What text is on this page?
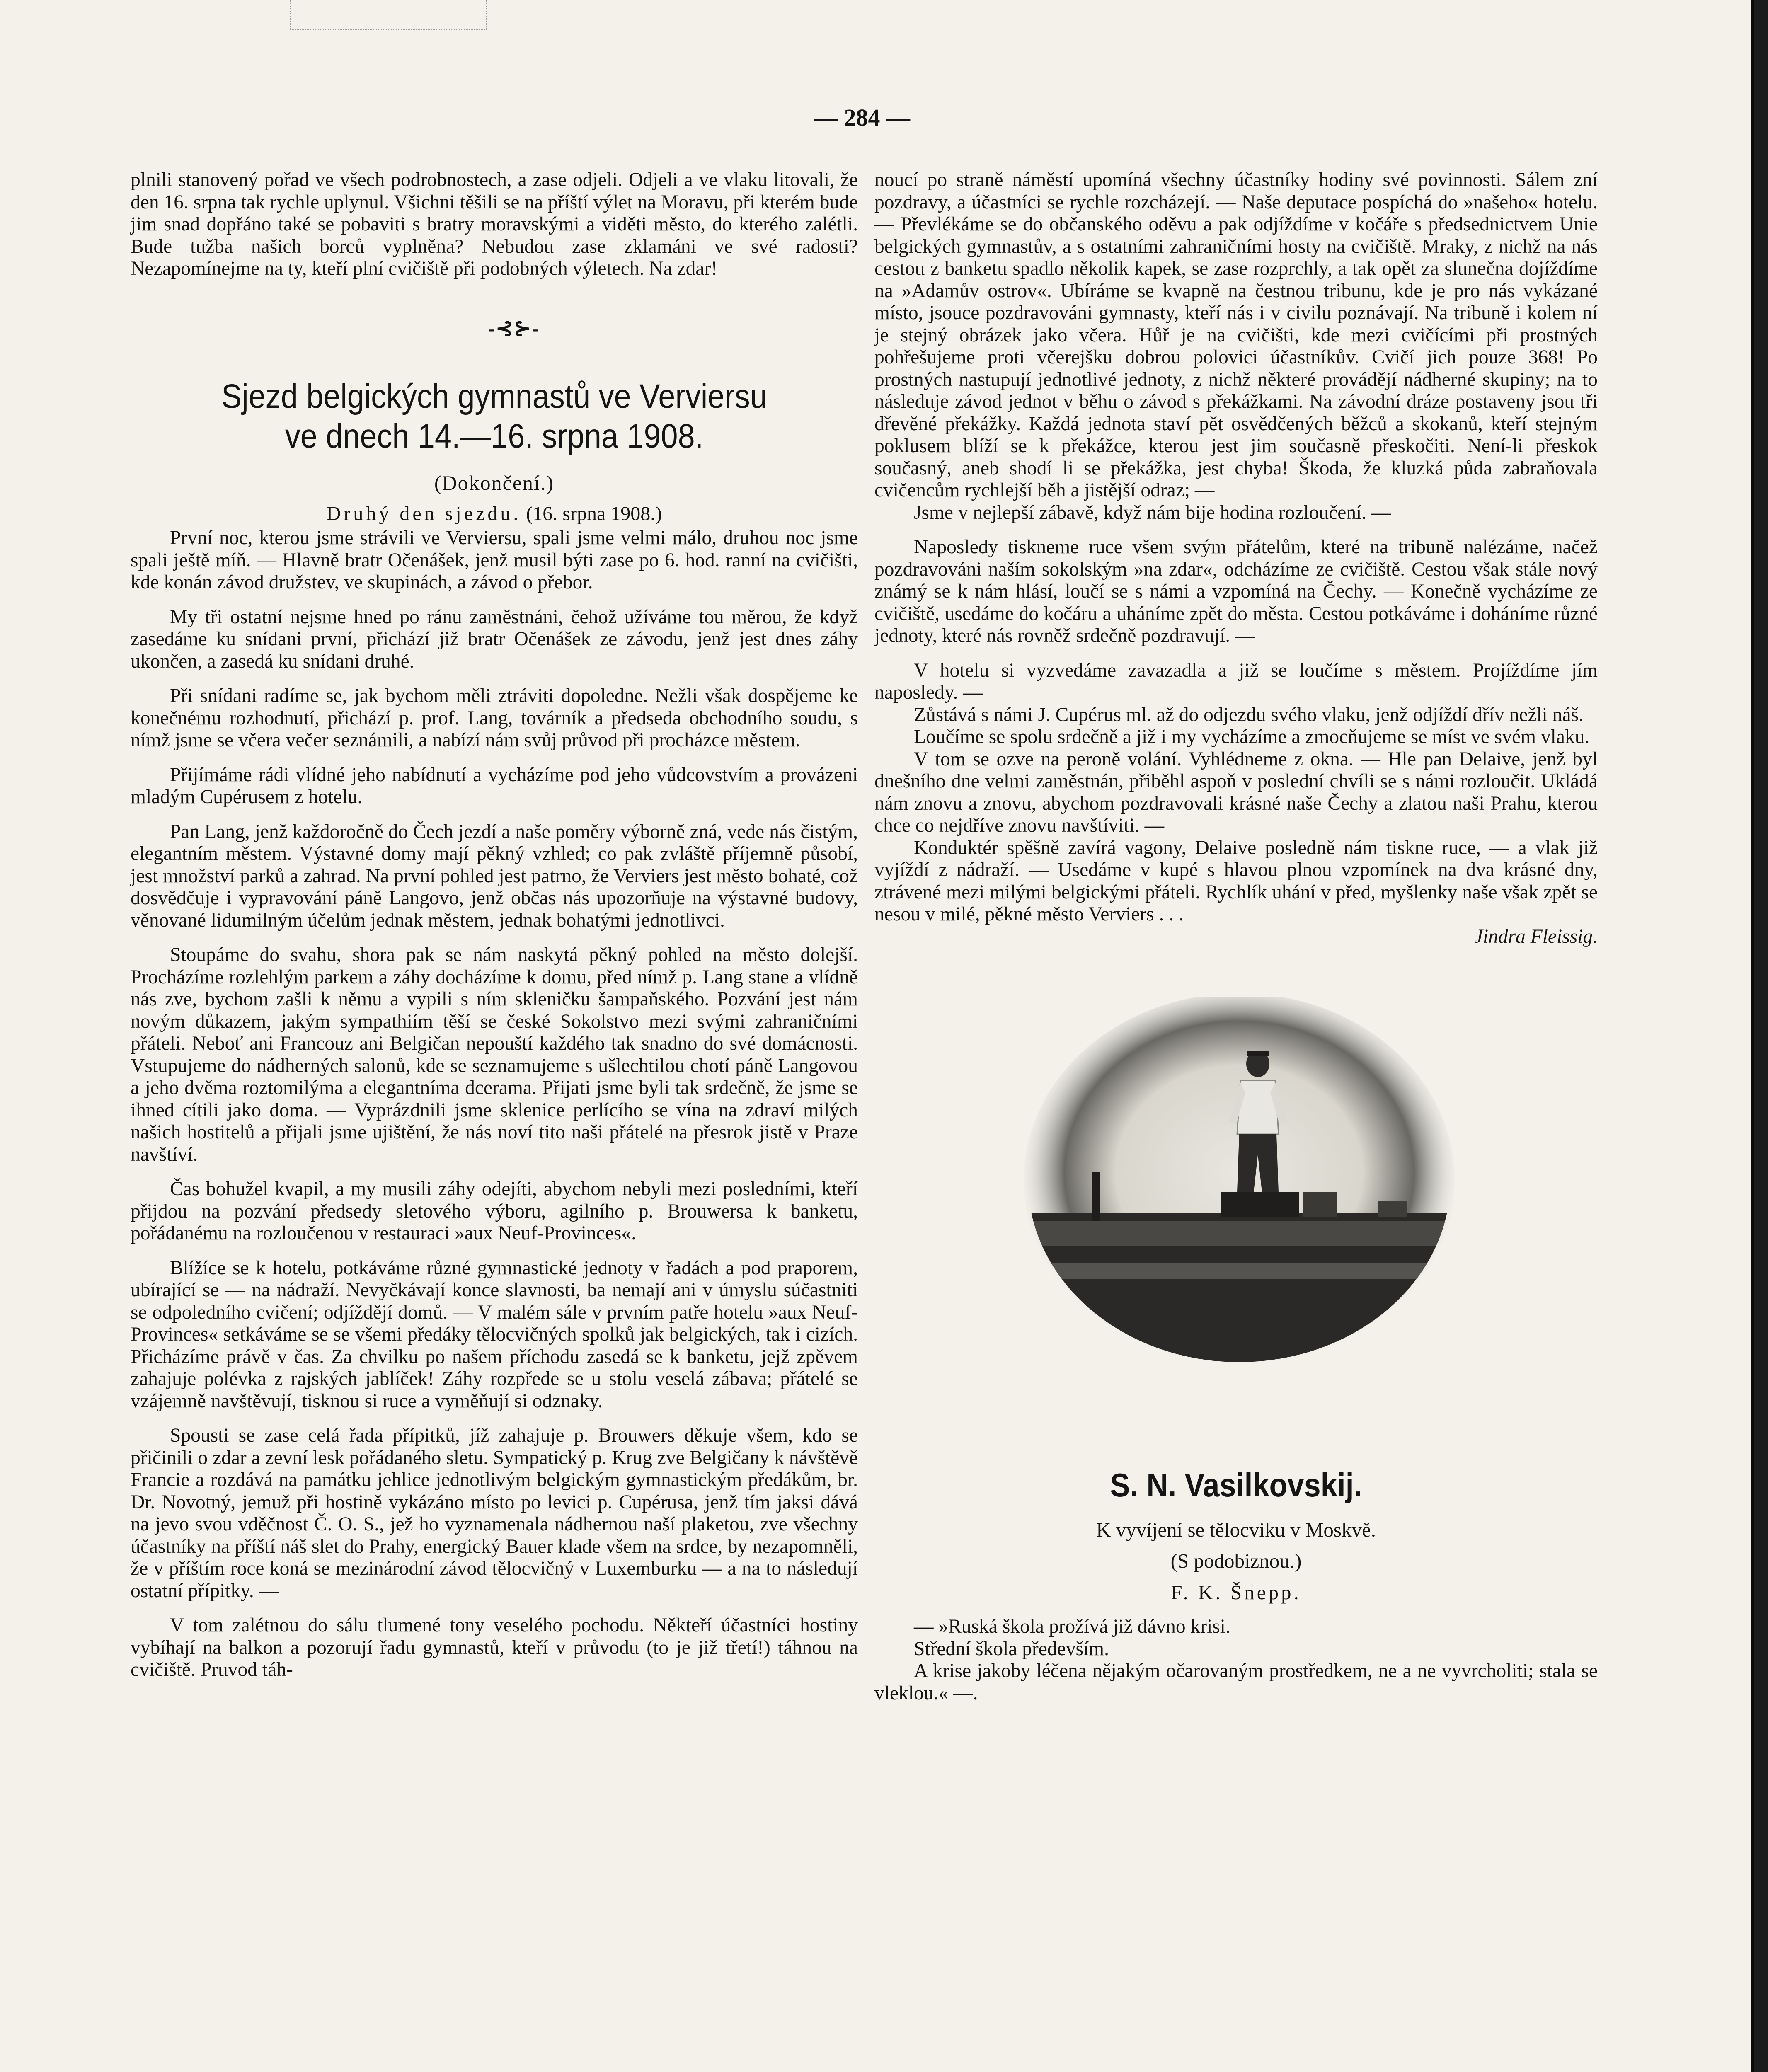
— 284 —

plnili stanovený pořad ve všech podrobnostech, a zase odjeli. Odjeli a ve vlaku litovali, že den 16. srpna tak rychle uplynul. Všichni těšili se na příští výlet na Moravu, při kterém bude jim snad dopřáno také se pobaviti s bratry moravskými a viděti město, do kterého zalétli. Bude tužba našich borců vyplněna? Nebudou zase zklamáni ve své radosti? Nezapomínejme na ty, kteří plní cvičiště při podobných výletech. Na zdar!

-⊰⊱-

Sjezd belgických gymnastů ve Verviersu
ve dnech 14.—16. srpna 1908.
(Dokončení.)
Druhý den sjezdu. (16. srpna 1908.)

První noc, kterou jsme strávili ve Verviersu, spali jsme velmi málo, druhou noc jsme spali ještě míň. — Hlavně bratr Očenášek, jenž musil býti zase po 6. hod. ranní na cvičišti, kde konán závod družstev, ve skupinách, a závod o přebor.

My tři ostatní nejsme hned po ránu zaměstnáni, čehož užíváme tou měrou, že když zasedáme ku snídani první, přichází již bratr Očenášek ze závodu, jenž jest dnes záhy ukončen, a zasedá ku snídani druhé.

Při snídani radíme se, jak bychom měli ztráviti dopoledne. Nežli však dospějeme ke konečnému rozhodnutí, přichází p. prof. Lang, továrník a předseda obchodního soudu, s nímž jsme se včera večer seznámili, a nabízí nám svůj průvod při procházce městem.

Přijímáme rádi vlídné jeho nabídnutí a vycházíme pod jeho vůdcovstvím a provázeni mladým Cupérusem z hotelu.

Pan Lang, jenž každoročně do Čech jezdí a naše poměry výborně zná, vede nás čistým, elegantním městem. Výstavné domy mají pěkný vzhled; co pak zvláště příjemně působí, jest množství parků a zahrad. Na první pohled jest patrno, že Verviers jest město bohaté, což dosvědčuje i vypravování páně Langovo, jenž občas nás upozorňuje na výstavné budovy, věnované lidumilným účelům jednak městem, jednak bohatými jednotlivci.

Stoupáme do svahu, shora pak se nám naskytá pěkný pohled na město dolejší. Procházíme rozlehlým parkem a záhy docházíme k domu, před nímž p. Lang stane a vlídně nás zve, bychom zašli k němu a vypili s ním skleničku šampaňského. Pozvání jest nám novým důkazem, jakým sympathiím těší se české Sokolstvo mezi svými zahraničními přáteli. Neboť ani Francouz ani Belgičan nepouští každého tak snadno do své domácnosti. Vstupujeme do nádherných salonů, kde se seznamujeme s ušlechtilou chotí páně Langovou a jeho dvěma roztomilýma a elegantníma dcerama. Přijati jsme byli tak srdečně, že jsme se ihned cítili jako doma. — Vyprázdnili jsme sklenice perlícího se vína na zdraví milých našich hostitelů a přijali jsme ujištění, že nás noví tito naši přátelé na přesrok jistě v Praze navštíví.

Čas bohužel kvapil, a my musili záhy odejíti, abychom nebyli mezi posledními, kteří přijdou na pozvání předsedy sletového výboru, agilního p. Brouwersa k banketu, pořádanému na rozloučenou v restauraci »aux Neuf-Provinces«.

Blížíce se k hotelu, potkáváme různé gymnastické jednoty v řadách a pod praporem, ubírající se — na nádraží. Nevyčkávají konce slavnosti, ba nemají ani v úmyslu súčastniti se odpoledního cvičení; odjíždějí domů. — V malém sále v prvním patře hotelu »aux Neuf-Provinces« setkáváme se se všemi předáky tělocvičných spolků jak belgických, tak i cizích. Přicházíme právě v čas. Za chvilku po našem příchodu zasedá se k banketu, jejž zpěvem zahajuje polévka z rajských jablíček! Záhy rozpřede se u stolu veselá zábava; přátelé se vzájemně navštěvují, tisknou si ruce a vyměňují si odznaky.

Spousti se zase celá řada přípitků, jíž zahajuje p. Brouwers děkuje všem, kdo se přičinili o zdar a zevní lesk pořádaného sletu. Sympatický p. Krug zve Belgičany k návštěvě Francie a rozdává na památku jehlice jednotlivým belgickým gymnastickým předákům, br. Dr. Novotný, jemuž při hostině vykázáno místo po levici p. Cupérusa, jenž tím jaksi dává na jevo svou vděčnost Č. O. S., jež ho vyznamenala nádhernou naší plaketou, zve všechny účastníky na příští náš slet do Prahy, energický Bauer klade všem na srdce, by nezapomněli, že v příštím roce koná se mezinárodní závod tělocvičný v Luxemburku — a na to následují ostatní přípitky. —

V tom zalétnou do sálu tlumené tony veselého pochodu. Někteří účastníci hostiny vybíhají na balkon a pozorují řadu gymnastů, kteří v průvodu (to je již třetí!) táhnou na cvičiště. Pruvod táh-

noucí po straně náměstí upomíná všechny účastníky hodiny své povinnosti. Sálem zní pozdravy, a účastníci se rychle rozcházejí. — Naše deputace pospíchá do »našeho« hotelu. — Převlékáme se do občanského oděvu a pak odjíždíme v kočáře s předsednictvem Unie belgických gymnastův, a s ostatními zahraničními hosty na cvičiště. Mraky, z nichž na nás cestou z banketu spadlo několik kapek, se zase rozprchly, a tak opět za slunečna dojíždíme na »Adamův ostrov«. Ubíráme se kvapně na čestnou tribunu, kde je pro nás vykázané místo, jsouce pozdravováni gymnasty, kteří nás i v civilu poznávají. Na tribuně i kolem ní je stejný obrázek jako včera. Hůř je na cvičišti, kde mezi cvičícími při prostných pohřešujeme proti včerejšku dobrou polovici účastníkův. Cvičí jich pouze 368! Po prostných nastupují jednotlivé jednoty, z nichž některé provádějí nádherné skupiny; na to následuje závod jednot v běhu o závod s překážkami. Na závodní dráze postaveny jsou tři dřevěné překážky. Každá jednota staví pět osvědčených běžců a skokanů, kteří stejným poklusem blíží se k překážce, kterou jest jim současně přeskočiti. Není-li přeskok současný, aneb shodí li se překážka, jest chyba! Škoda, že kluzká půda zabraňovala cvičencům rychlejší běh a jistější odraz; —

Jsme v nejlepší zábavě, když nám bije hodina rozloučení. —

Naposledy tiskneme ruce všem svým přátelům, které na tribuně nalézáme, načež pozdravováni naším sokolským »na zdar«, odcházíme ze cvičiště. Cestou však stále nový známý se k nám hlásí, loučí se s námi a vzpomíná na Čechy. — Konečně vycházíme ze cvičiště, usedáme do kočáru a uháníme zpět do města. Cestou potkáváme i doháníme různé jednoty, které nás rovněž srdečně pozdravují. —

V hotelu si vyzvedáme zavazadla a již se loučíme s městem. Projíždíme jím naposledy. —

Zůstává s námi J. Cupérus ml. až do odjezdu svého vlaku, jenž odjíždí dřív nežli náš.

Loučíme se spolu srdečně a již i my vycházíme a zmocňujeme se míst ve svém vlaku.

V tom se ozve na peroně volání. Vyhlédneme z okna. — Hle pan Delaive, jenž byl dnešního dne velmi zaměstnán, přiběhl aspoň v poslední chvíli se s námi rozloučit. Ukládá nám znovu a znovu, abychom pozdravovali krásné naše Čechy a zlatou naši Prahu, kterou chce co nejdříve znovu navštíviti. —

Konduktér spěšně zavírá vagony, Delaive posledně nám tiskne ruce, — a vlak již vyjíždí z nádraží. — Usedáme v kupé s hlavou plnou vzpomínek na dva krásné dny, ztrávené mezi milými belgickými přáteli. Rychlík uhání v před, myšlenky naše však zpět se nesou v milé, pěkné město Verviers . . .

Jindra Fleissig.

S. N. Vasilkovskij.
K vyvíjení se tělocviku v Moskvě.
(S podobiznou.)
F. K. Šnepp.

— »Ruská škola prožívá již dávno krisi.

Střední škola především.

A krise jakoby léčena nějakým očarovaným prostředkem, ne a ne vyvrcholiti; stala se vleklou.« —.
